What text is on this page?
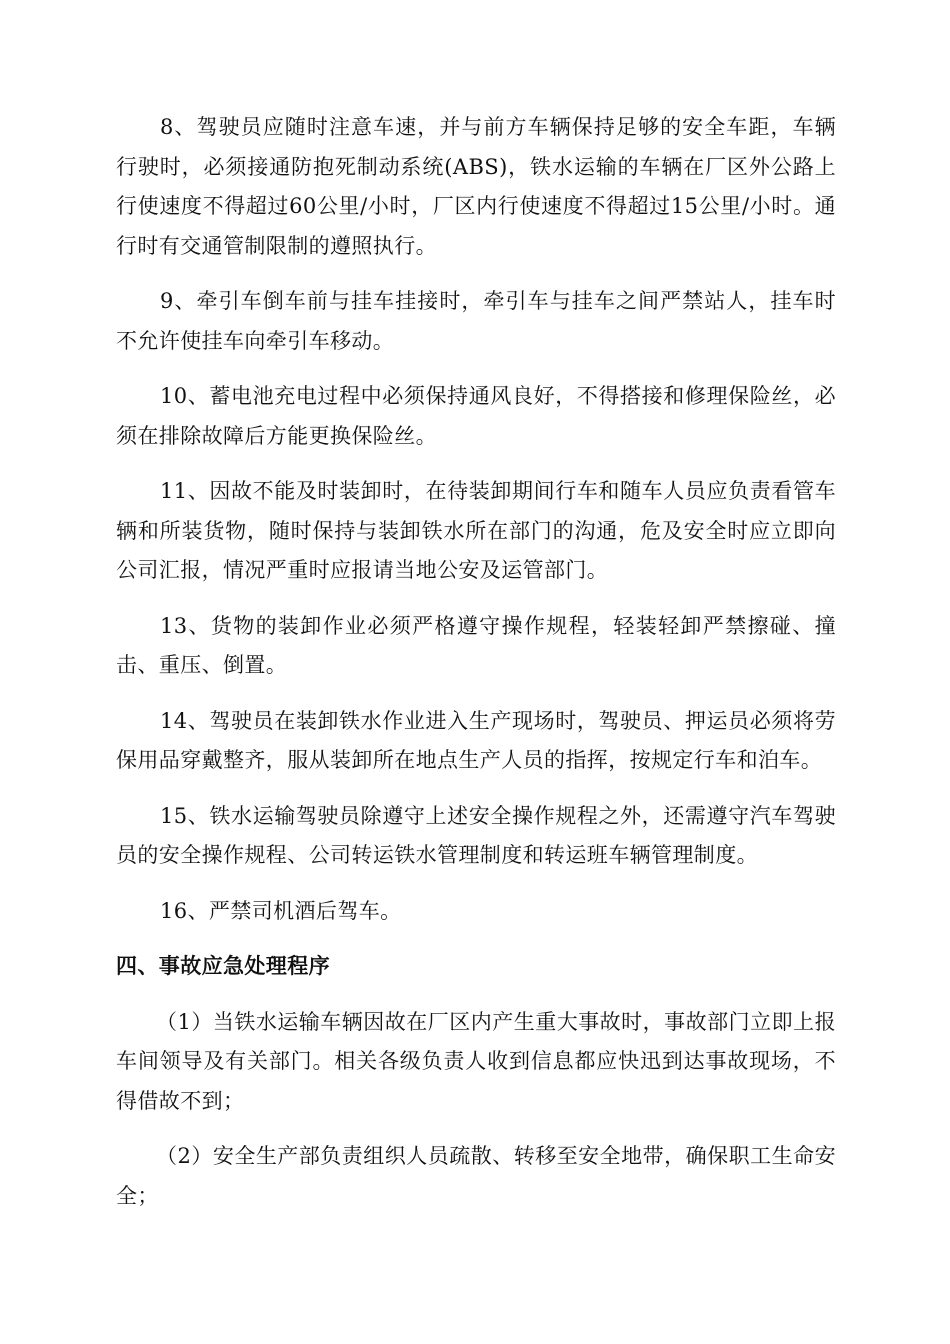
8、驾驶员应随时注意车速，并与前方车辆保持足够的安全车距，车辆行驶时，必须接通防抱死制动系统(ABS)，铁水运输的车辆在厂区外公路上行使速度不得超过60公里/小时，厂区内行使速度不得超过15公里/小时。通行时有交通管制限制的遵照执行。

9、牵引车倒车前与挂车挂接时，牵引车与挂车之间严禁站人，挂车时不允许使挂车向牵引车移动。

10、蓄电池充电过程中必须保持通风良好，不得搭接和修理保险丝，必须在排除故障后方能更换保险丝。

11、因故不能及时装卸时，在待装卸期间行车和随车人员应负责看管车辆和所装货物，随时保持与装卸铁水所在部门的沟通，危及安全时应立即向公司汇报，情况严重时应报请当地公安及运管部门。

13、货物的装卸作业必须严格遵守操作规程，轻装轻卸严禁擦碰、撞击、重压、倒置。

14、驾驶员在装卸铁水作业进入生产现场时，驾驶员、押运员必须将劳保用品穿戴整齐，服从装卸所在地点生产人员的指挥，按规定行车和泊车。

15、铁水运输驾驶员除遵守上述安全操作规程之外，还需遵守汽车驾驶员的安全操作规程、公司转运铁水管理制度和转运班车辆管理制度。

16、严禁司机酒后驾车。

四、事故应急处理程序

（1）当铁水运输车辆因故在厂区内产生重大事故时，事故部门立即上报车间领导及有关部门。相关各级负责人收到信息都应快迅到达事故现场，不得借故不到；

（2）安全生产部负责组织人员疏散、转移至安全地带，确保职工生命安全；
